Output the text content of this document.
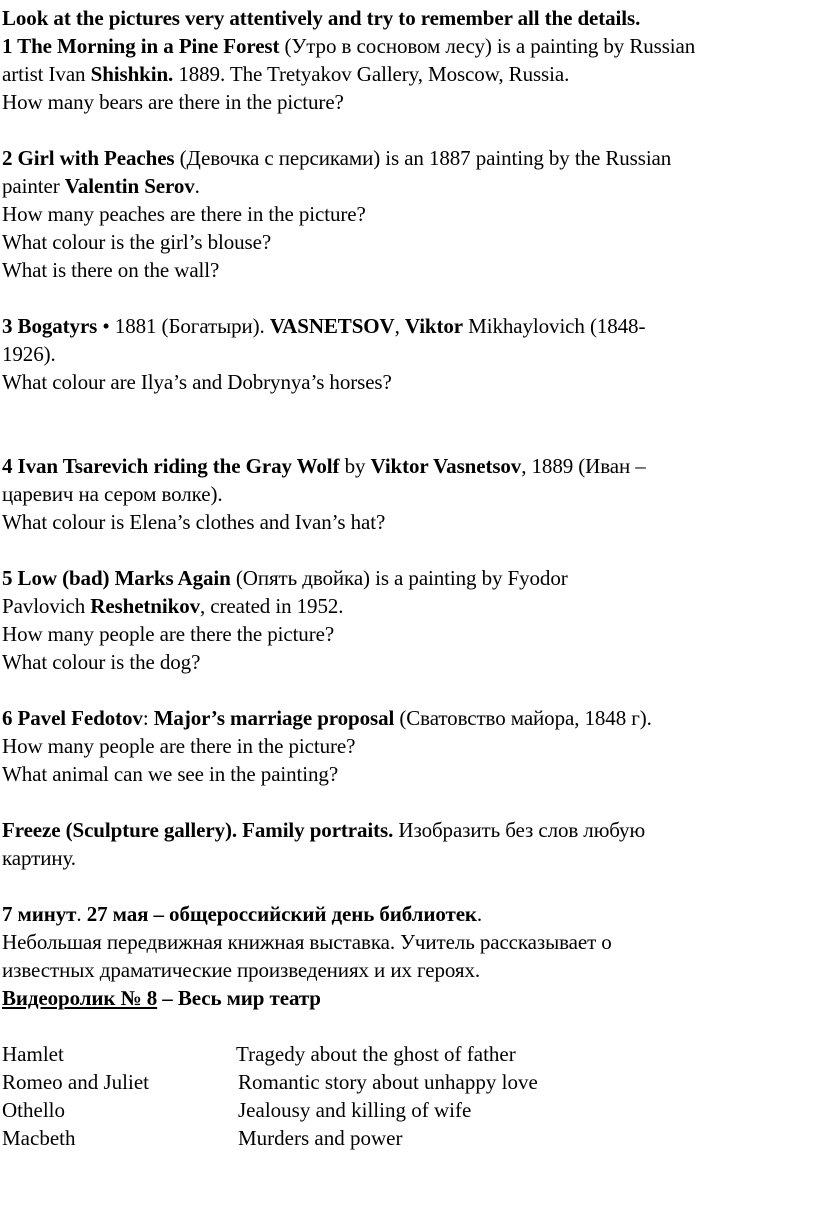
Look at the pictures very attentively and try to remember all the details.
1 The Morning in a Pine Forest (Утро в сосновом лесу) is a painting by Russian
artist Ivan Shishkin. 1889. The Tretyakov Gallery, Moscow, Russia.
How many bears are there in the picture?
2 Girl with Peaches (Девочка с персиками) is an 1887 painting by the Russian
painter Valentin Serov.
How many peaches are there in the picture?
What colour is the girl’s blouse?
What is there on the wall?
3 Bogatyrs • 1881 (Богатыри). VASNETSOV, Viktor Mikhaylovich (1848-
1926).
What colour are Ilya’s and Dobrynya’s horses?
4 Ivan Tsarevich riding the Gray Wolf by Viktor Vasnetsov, 1889 (Иван –
царевич на сером волке).
What colour is Elena’s clothes and Ivan’s hat?
5 Low (bad) Marks Again (Опять двойка) is a painting by Fyodor
Pavlovich Reshetnikov, created in 1952.
How many people are there the picture?
What colour is the dog?
6 Pavel Fedotov: Major’s marriage proposal (Сватовство майора, 1848 г).
How many people are there in the picture?
What animal can we see in the painting?
Freeze (Sculpture gallery). Family portraits. Изобразить без слов любую
картину.
7 минут. 27 мая – общероссийский день библиотек.
Небольшая передвижная книжная выставка. Учитель рассказывает о
известных драматические произведениях и их героях.
Видеоролик № 8 – Весь мир театр
Hamlet	Tragedy about the ghost of father
Romeo and Juliet	Romantic story about unhappy love
Othello	Jealousy and killing of wife
Macbeth	Murders and power
